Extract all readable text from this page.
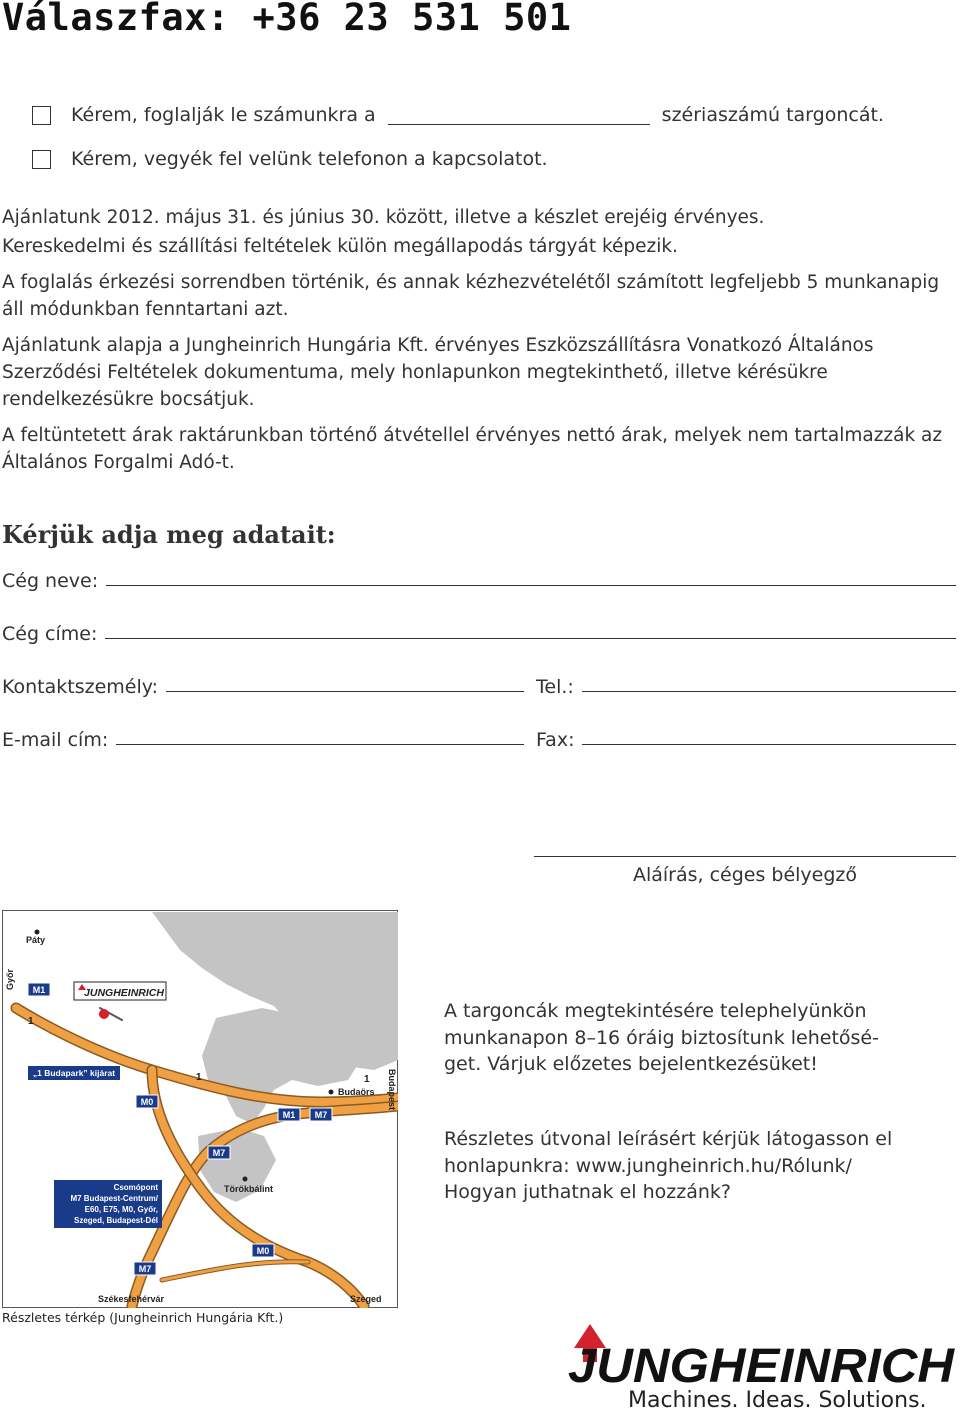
Válaszfax: +36 23 531 501
Kérem, foglalják le számunkra a	szériaszámú targoncát.
Kérem, vegyék fel velünk telefonon a kapcsolatot.

Ajánlatunk 2012. május 31. és június 30. között, illetve a készlet erejéig érvényes.

Kereskedelmi és szállítási feltételek külön megállapodás tárgyát képezik.

A foglalás érkezési sorrendben történik, és annak kézhezvételétől számított legfeljebb 5 munkanapig áll módunkban fenntartani azt.

Ajánlatunk alapja a Jungheinrich Hungária Kft. érvényes Eszközszállításra Vonatkozó Általános Szerződési Feltételek dokumentuma, mely honlapunkon megtekinthető, illetve kérésükre rendelkezésükre bocsátjuk.

A feltüntetett árak raktárunkban történő átvétellel érvényes nettó árak, melyek nem tartalmazzák az Általános Forgalmi Adó-t.

Kérjük adja meg adatait:
Cég neve:
Cég címe:
Kontaktszemély:	Tel.:
E-mail cím:	Fax:
Aláírás, céges bélyegző
Páty
Győr
Budapest
Budaörs
Törökbálint
Székesfehérvár	Szeged
1
1	1
M1
M0
M1 M7
M7
M0
M7
„1 Budapark” kijárat
Csomópont
M7 Budapest-Centrum/
E60, E75, M0, Győr,
Szeged, Budapest-Dél
JUNGHEINRICH
Részletes térkép (Jungheinrich Hungária Kft.)

A targoncák megtekintésére telephelyünkön

munkanapon 8–16 óráig biztosítunk lehetősé-

get. Várjuk előzetes bejelentkezésüket!

Részletes útvonal leírásért kérjük látogasson el

honlapunkra: www.jungheinrich.hu/Rólunk/

Hogyan juthatnak el hozzánk?

JUNGHEINRICH
Machines. Ideas. Solutions.
